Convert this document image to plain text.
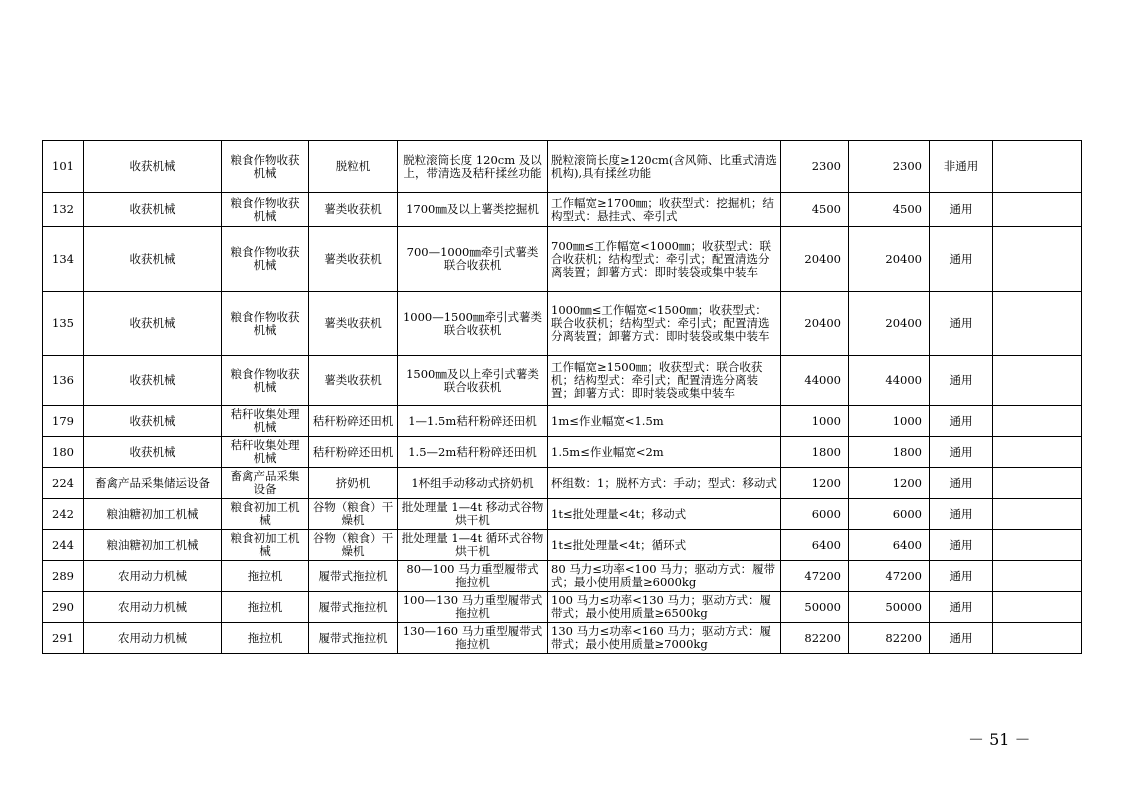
101	收获机械	粮食作物收获机械	脱粒机	脱粒滚筒长度 120cm 及以上，带清选及秸秆揉丝功能	脱粒滚筒长度≥120cm(含风筛、比重式清选机构),具有揉丝功能	2300	2300	非通用	
132	收获机械	粮食作物收获机械	薯类收获机	1700㎜及以上薯类挖掘机	工作幅宽≥1700㎜；收获型式：挖掘机；结构型式：悬挂式、牵引式	4500	4500	通用	
134	收获机械	粮食作物收获机械	薯类收获机	700—1000㎜牵引式薯类联合收获机	700㎜≤工作幅宽<1000㎜；收获型式：联合收获机；结构型式：牵引式；配置清选分离装置；卸薯方式：即时装袋或集中装车	20400	20400	通用	
135	收获机械	粮食作物收获机械	薯类收获机	1000—1500㎜牵引式薯类联合收获机	1000㎜≤工作幅宽<1500㎜；收获型式：联合收获机；结构型式：牵引式；配置清选分离装置；卸薯方式：即时装袋或集中装车	20400	20400	通用	
136	收获机械	粮食作物收获机械	薯类收获机	1500㎜及以上牵引式薯类联合收获机	工作幅宽≥1500㎜；收获型式：联合收获机；结构型式：牵引式；配置清选分离装置；卸薯方式：即时装袋或集中装车	44000	44000	通用	
179	收获机械	秸秆收集处理机械	秸秆粉碎还田机	1—1.5m秸秆粉碎还田机	1m≤作业幅宽<1.5m	1000	1000	通用	
180	收获机械	秸秆收集处理机械	秸秆粉碎还田机	1.5—2m秸秆粉碎还田机	1.5m≤作业幅宽<2m	1800	1800	通用	
224	畜禽产品采集储运设备	畜禽产品采集设备	挤奶机	1杯组手动移动式挤奶机	杯组数：1；脱杯方式：手动；型式：移动式	1200	1200	通用	
242	粮油糖初加工机械	粮食初加工机械	谷物（粮食）干燥机	批处理量 1—4t 移动式谷物烘干机	1t≤批处理量<4t；移动式	6000	6000	通用	
244	粮油糖初加工机械	粮食初加工机械	谷物（粮食）干燥机	批处理量 1—4t 循环式谷物烘干机	1t≤批处理量<4t；循环式	6400	6400	通用	
289	农用动力机械	拖拉机	履带式拖拉机	80—100 马力重型履带式拖拉机	80 马力≤功率<100 马力；驱动方式：履带式；最小使用质量≥6000kg	47200	47200	通用	
290	农用动力机械	拖拉机	履带式拖拉机	100—130 马力重型履带式拖拉机	100 马力≤功率<130 马力；驱动方式：履带式；最小使用质量≥6500kg	50000	50000	通用	
291	农用动力机械	拖拉机	履带式拖拉机	130—160 马力重型履带式拖拉机	130 马力≤功率<160 马力；驱动方式：履带式；最小使用质量≥7000kg	82200	82200	通用	
－ 51 －
